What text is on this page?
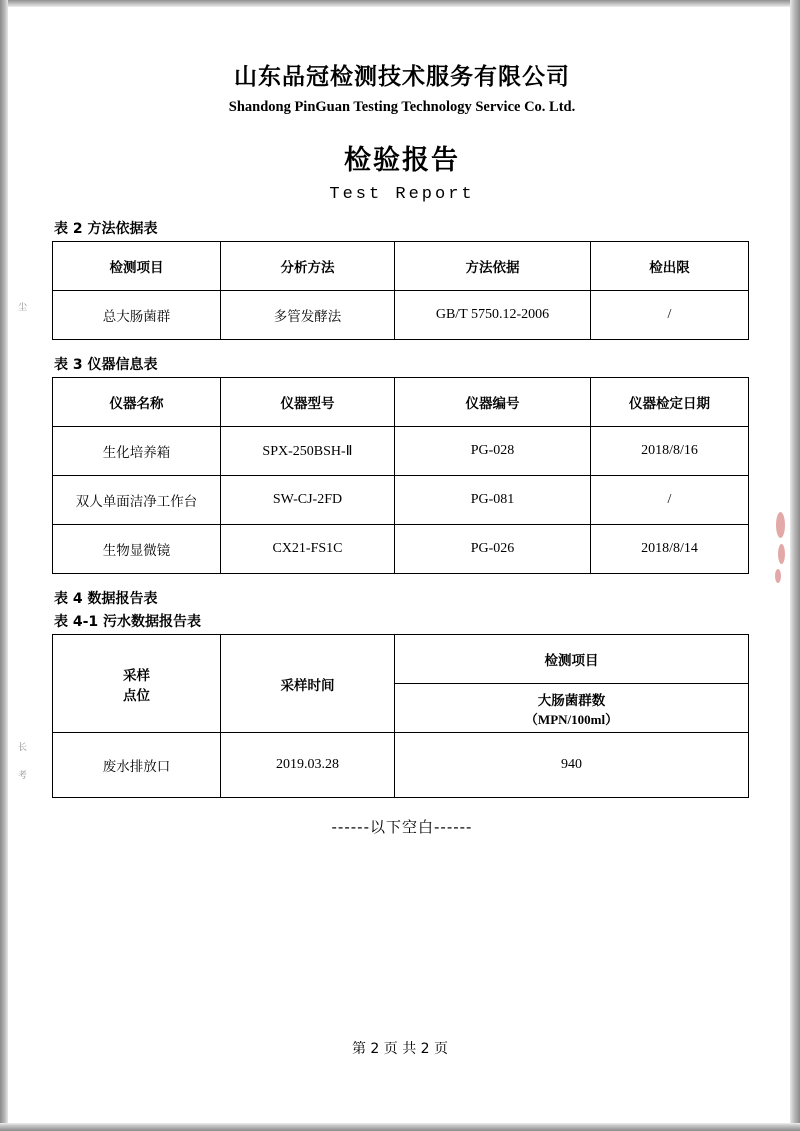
尘
长
考
山东品冠检测技术服务有限公司
Shandong PinGuan Testing Technology Service Co. Ltd.
检验报告
Test Report
表 2 方法依据表
检测项目	分析方法	方法依据	检出限
总大肠菌群	多管发酵法	GB/T 5750.12-2006	/
表 3 仪器信息表
仪器名称	仪器型号	仪器编号	仪器检定日期
生化培养箱	SPX-250BSH-Ⅱ	PG-028	2018/8/16
双人单面洁净工作台	SW-CJ-2FD	PG-081	/
生物显微镜	CX21-FS1C	PG-026	2018/8/14
表 4 数据报告表
表 4-1 污水数据报告表
采样
点位	采样时间	检测项目

		大肠菌群数
（MPN/100ml）

废水排放口	2019.03.28	940
------以下空白------
第 2 页 共 2 页
